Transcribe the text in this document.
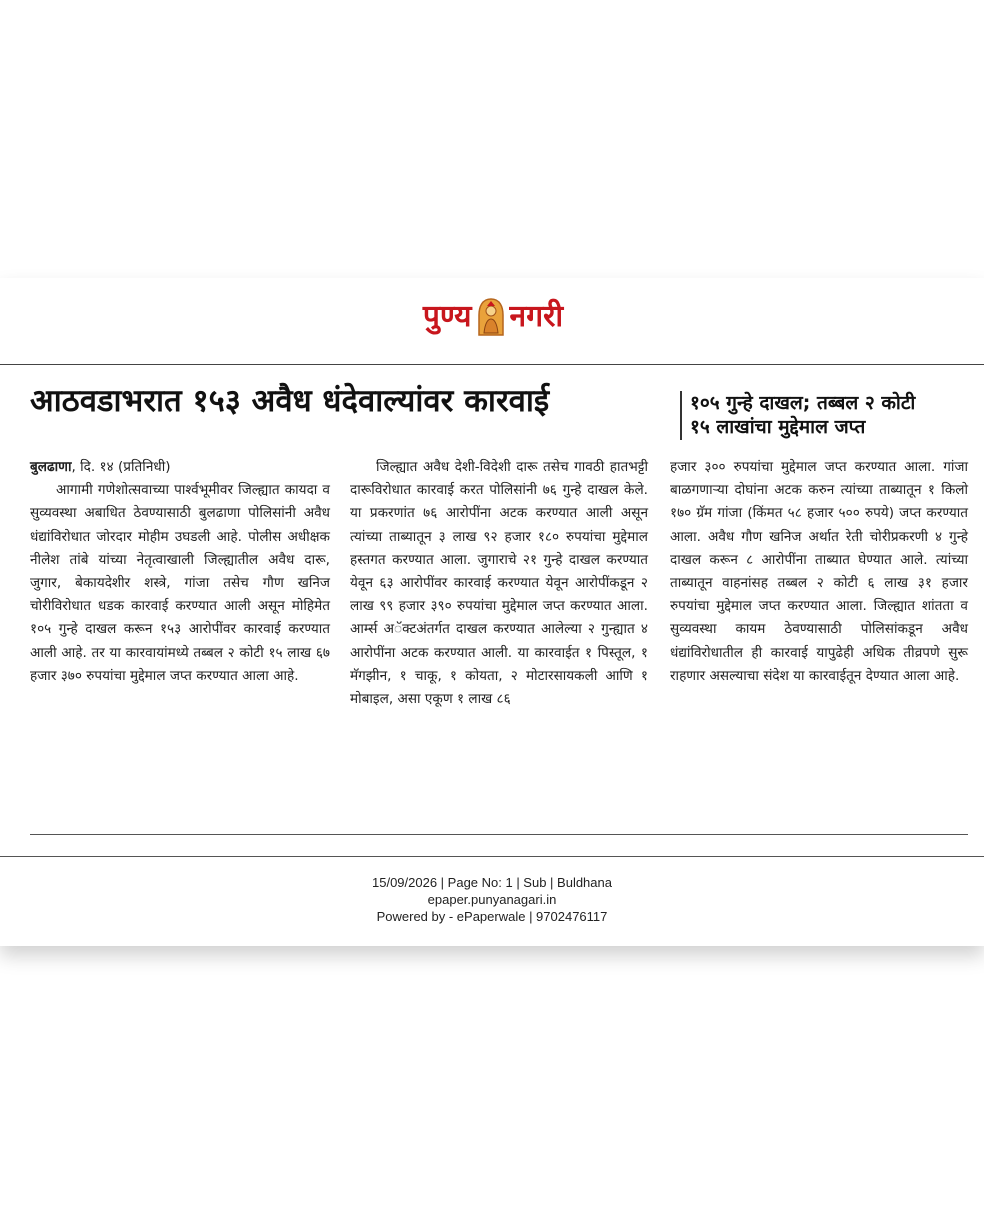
पुण्य नगरी
आठवडाभरात १५३ अवैध धंदेवाल्यांवर कारवाई	१०५ गुन्हे दाखल; तब्बल २ कोटी
१५ लाखांचा मुद्देमाल जप्त

बुलढाणा, दि. १४ (प्रतिनिधी)

आगामी गणेशोत्सवाच्या पार्श्वभूमीवर जिल्ह्यात कायदा व सुव्यवस्था अबाधित ठेवण्यासाठी बुलढाणा पोलिसांनी अवैध धंद्यांविरोधात जोरदार मोहीम उघडली आहे. पोलीस अधीक्षक नीलेश तांबे यांच्या नेतृत्वाखाली जिल्ह्यातील अवैध दारू, जुगार, बेकायदेशीर शस्त्रे, गांजा तसेच गौण खनिज चोरीविरोधात धडक कारवाई करण्यात आली असून मोहिमेत १०५ गुन्हे दाखल करून १५३ आरोपींवर कारवाई करण्यात आली आहे. तर या कारवायांमध्ये तब्बल २ कोटी १५ लाख ६७ हजार ३७० रुपयांचा मुद्देमाल जप्त करण्यात आला आहे.

जिल्ह्यात अवैध देशी-विदेशी दारू तसेच गावठी हातभट्टी दारूविरोधात कारवाई करत पोलिसांनी ७६ गुन्हे दाखल केले. या प्रकरणांत ७६ आरोपींना अटक करण्यात आली असून त्यांच्या ताब्यातून ३ लाख ९२ हजार १८० रुपयांचा मुद्देमाल हस्तगत करण्यात आला. जुगाराचे २१ गुन्हे दाखल करण्यात येवून ६३ आरोपींवर कारवाई करण्यात येवून आरोपींकडून २ लाख ९९ हजार ३९० रुपयांचा मुद्देमाल जप्त करण्यात आला. आर्म्स अॅक्टअंतर्गत दाखल करण्यात आलेल्या २ गुन्ह्यात ४ आरोपींना अटक करण्यात आली. या कारवाईत १ पिस्तूल, १ मॅगझीन, १ चाकू, १ कोयता, २ मोटारसायकली आणि १ मोबाइल, असा एकूण १ लाख ८६

हजार ३०० रुपयांचा मुद्देमाल जप्त करण्यात आला. गांजा बाळगणाऱ्या दोघांना अटक करुन त्यांच्या ताब्यातून १ किलो १७० ग्रॅम गांजा (किंमत ५८ हजार ५०० रुपये) जप्त करण्यात आला. अवैध गौण खनिज अर्थात रेती चोरीप्रकरणी ४ गुन्हे दाखल करून ८ आरोपींना ताब्यात घेण्यात आले. त्यांच्या ताब्यातून वाहनांसह तब्बल २ कोटी ६ लाख ३१ हजार रुपयांचा मुद्देमाल जप्त करण्यात आला. जिल्ह्यात शांतता व सुव्यवस्था कायम ठेवण्यासाठी पोलिसांकडून अवैध धंद्यांविरोधातील ही कारवाई यापुढेही अधिक तीव्रपणे सुरू राहणार असल्याचा संदेश या कारवाईतून देण्यात आला आहे.

15/09/2026 | Page No: 1 | Sub | Buldhana
epaper.punyanagari.in
Powered by - ePaperwale | 9702476117
